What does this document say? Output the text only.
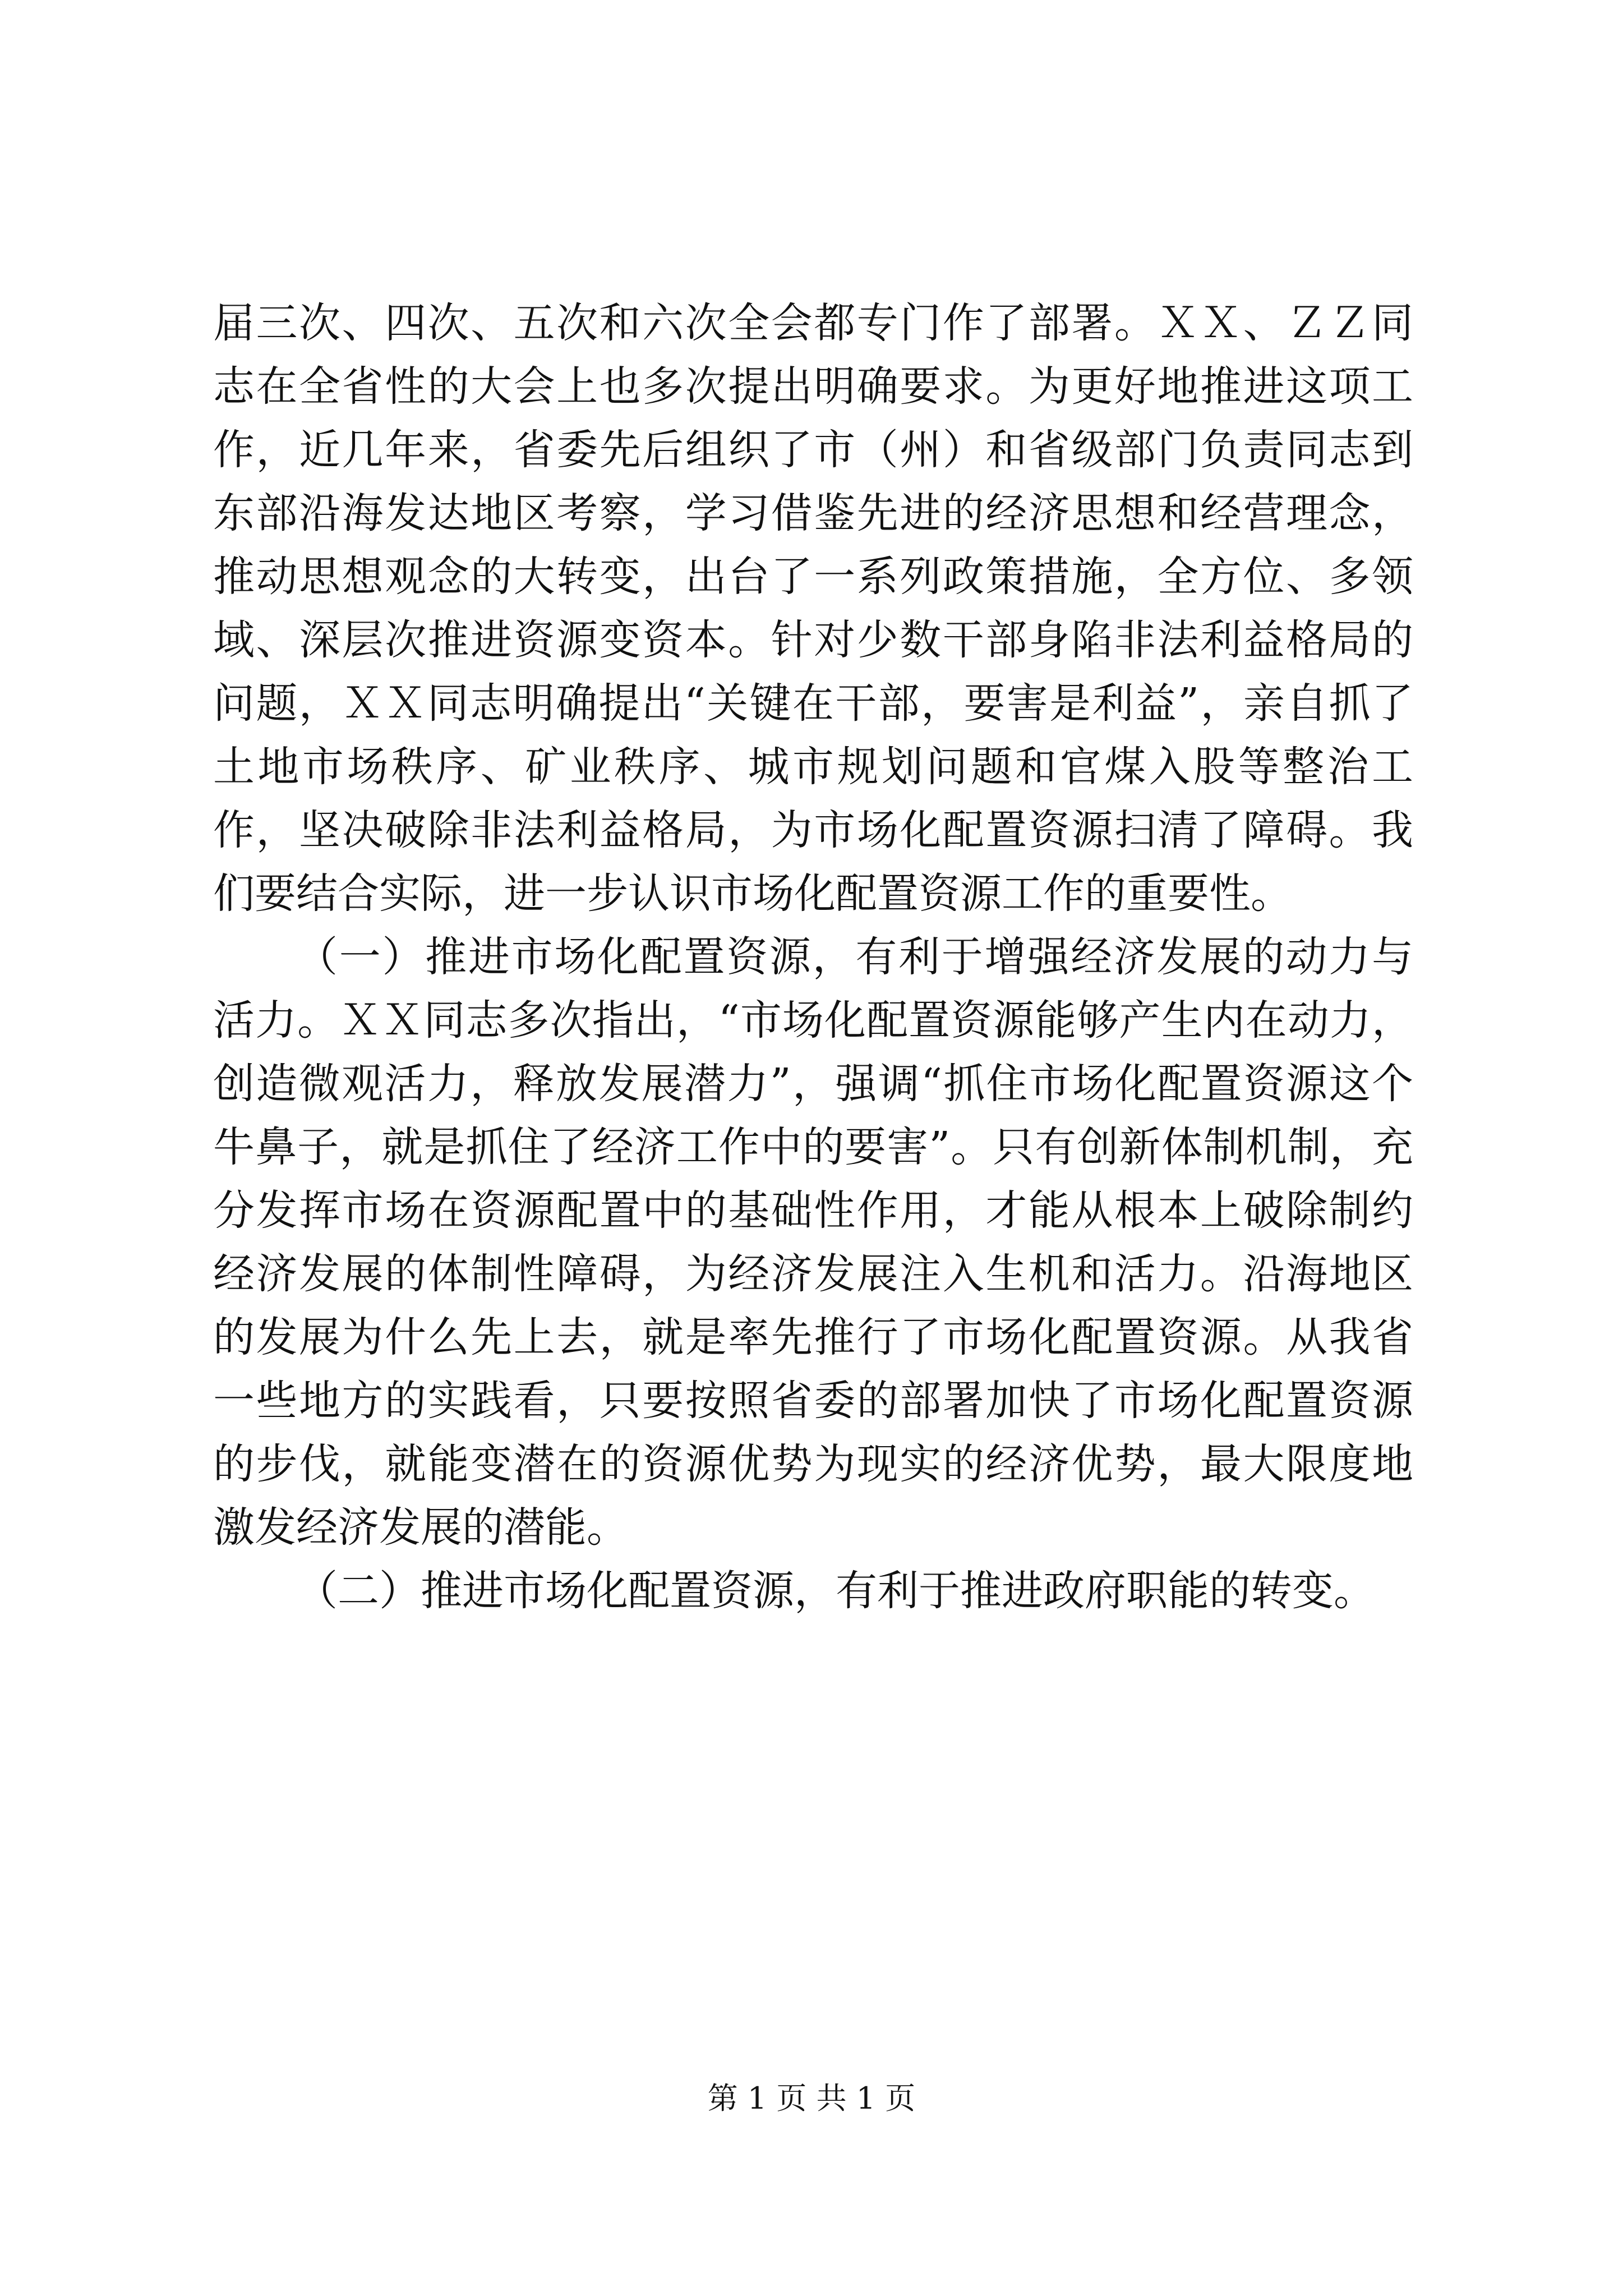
届三次、四次、五次和六次全会都专门作了部署。ＸＸ、ＺＺ同志在全省性的大会上也多次提出明确要求。为更好地推进这项工作，近几年来，省委先后组织了市（州）和省级部门负责同志到东部沿海发达地区考察，学习借鉴先进的经济思想和经营理念，推动思想观念的大转变，出台了一系列政策措施，全方位、多领域、深层次推进资源变资本。针对少数干部身陷非法利益格局的问题，ＸＸ同志明确提出“关键在干部，要害是利益”，亲自抓了土地市场秩序、矿业秩序、城市规划问题和官煤入股等整治工作，坚决破除非法利益格局，为市场化配置资源扫清了障碍。我们要结合实际，进一步认识市场化配置资源工作的重要性。

（一）推进市场化配置资源，有利于增强经济发展的动力与活力。ＸＸ同志多次指出，“市场化配置资源能够产生内在动力，创造微观活力，释放发展潜力”，强调“抓住市场化配置资源这个牛鼻子，就是抓住了经济工作中的要害”。只有创新体制机制，充分发挥市场在资源配置中的基础性作用，才能从根本上破除制约经济发展的体制性障碍，为经济发展注入生机和活力。沿海地区的发展为什么先上去，就是率先推行了市场化配置资源。从我省一些地方的实践看，只要按照省委的部署加快了市场化配置资源的步伐，就能变潜在的资源优势为现实的经济优势，最大限度地激发经济发展的潜能。

（二）推进市场化配置资源，有利于推进政府职能的转变。

第 1 页 共 1 页
